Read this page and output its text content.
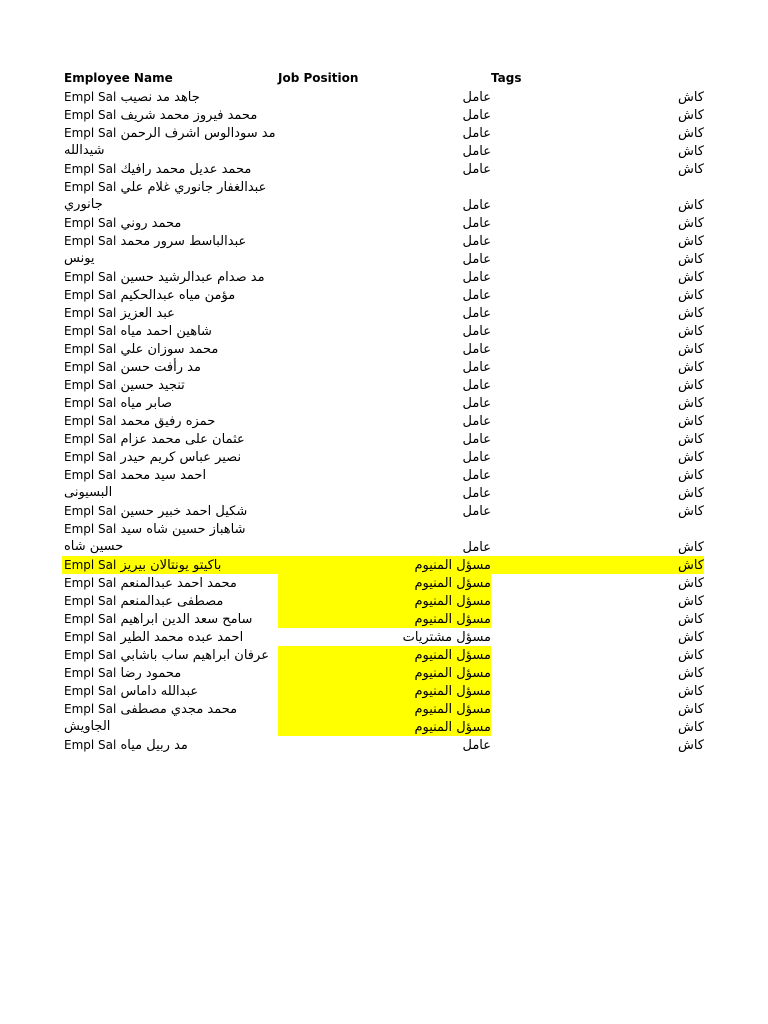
Employee Name	Job Position	Tags
Empl Sal جاهد مد نصيب	عامل	كاش
Empl Sal محمد فيروز محمد شريف	عامل	كاش
Empl Sal مد سودالوس اشرف الرحمن	عامل	كاش
شيدالله	عامل	كاش
Empl Sal محمد عديل محمد رافيك	عامل	كاش
Empl Sal عبدالغفار جانوري غلام علي
جانوري	عامل	كاش
Empl Sal محمد روني	عامل	كاش
Empl Sal عبدالباسط سرور محمد	عامل	كاش
يونس	عامل	كاش
Empl Sal مد صدام عبدالرشيد حسين	عامل	كاش
Empl Sal مؤمن مياه عبدالحكيم	عامل	كاش
Empl Sal عبد العزيز	عامل	كاش
Empl Sal شاهين احمد مياه	عامل	كاش
Empl Sal محمد سوزان علي	عامل	كاش
Empl Sal مد رأفت حسن	عامل	كاش
Empl Sal تنجيد حسين	عامل	كاش
Empl Sal صابر مياه	عامل	كاش
Empl Sal حمزه رفيق محمد	عامل	كاش
Empl Sal عثمان على محمد عزام	عامل	كاش
Empl Sal نصير عباس كريم حيدر	عامل	كاش
Empl Sal احمد سيد محمد	عامل	كاش
البسيونى	عامل	كاش
Empl Sal شكيل احمد خبير حسين	عامل	كاش
Empl Sal شاهباز حسين شاه سيد
حسين شاه	عامل	كاش
Empl Sal باكيتو يونتالان بيريز	مسؤل المنيوم	كاش
Empl Sal محمد احمد عبدالمنعم	مسؤل المنيوم	كاش
Empl Sal مصطفى عبدالمنعم	مسؤل المنيوم	كاش
Empl Sal سامح سعد الدين ابراهيم	مسؤل المنيوم	كاش
Empl Sal احمد عبده محمد الطير	مسؤل مشتريات	كاش
Empl Sal عرفان ابراهيم ساب باشابي	مسؤل المنيوم	كاش
Empl Sal محمود رضا	مسؤل المنيوم	كاش
Empl Sal عبدالله داماس	مسؤل المنيوم	كاش
Empl Sal محمد مجدي مصطفى	مسؤل المنيوم	كاش
الجاويش	مسؤل المنيوم	كاش
Empl Sal مد ربيل مياه	عامل	كاش
